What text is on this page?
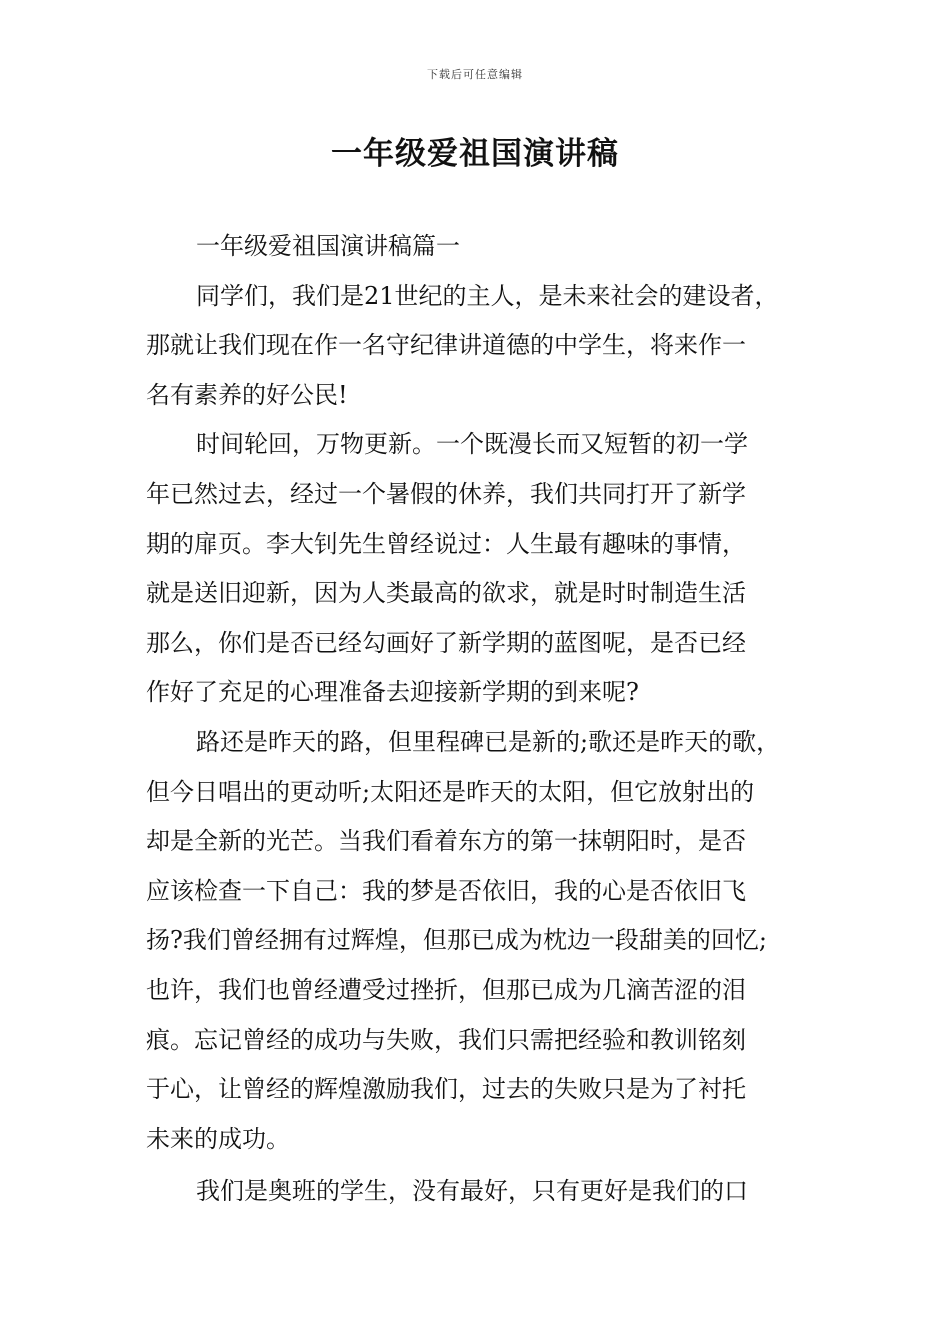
下载后可任意编辑
一年级爱祖国演讲稿
一年级爱祖国演讲稿篇一
同学们，我们是21世纪的主人，是未来社会的建设者，
那就让我们现在作一名守纪律讲道德的中学生，将来作一
名有素养的好公民!
时间轮回，万物更新。一个既漫长而又短暂的初一学
年已然过去，经过一个暑假的休养，我们共同打开了新学
期的扉页。李大钊先生曾经说过：人生最有趣味的事情，
就是送旧迎新，因为人类最高的欲求，就是时时制造生活
那么，你们是否已经勾画好了新学期的蓝图呢，是否已经
作好了充足的心理准备去迎接新学期的到来呢?
路还是昨天的路，但里程碑已是新的;歌还是昨天的歌，
但今日唱出的更动听;太阳还是昨天的太阳，但它放射出的
却是全新的光芒。当我们看着东方的第一抹朝阳时，是否
应该检查一下自己：我的梦是否依旧，我的心是否依旧飞
扬?我们曾经拥有过辉煌，但那已成为枕边一段甜美的回忆;
也许，我们也曾经遭受过挫折，但那已成为几滴苦涩的泪
痕。忘记曾经的成功与失败，我们只需把经验和教训铭刻
于心，让曾经的辉煌激励我们，过去的失败只是为了衬托
未来的成功。
我们是奥班的学生，没有最好，只有更好是我们的口
